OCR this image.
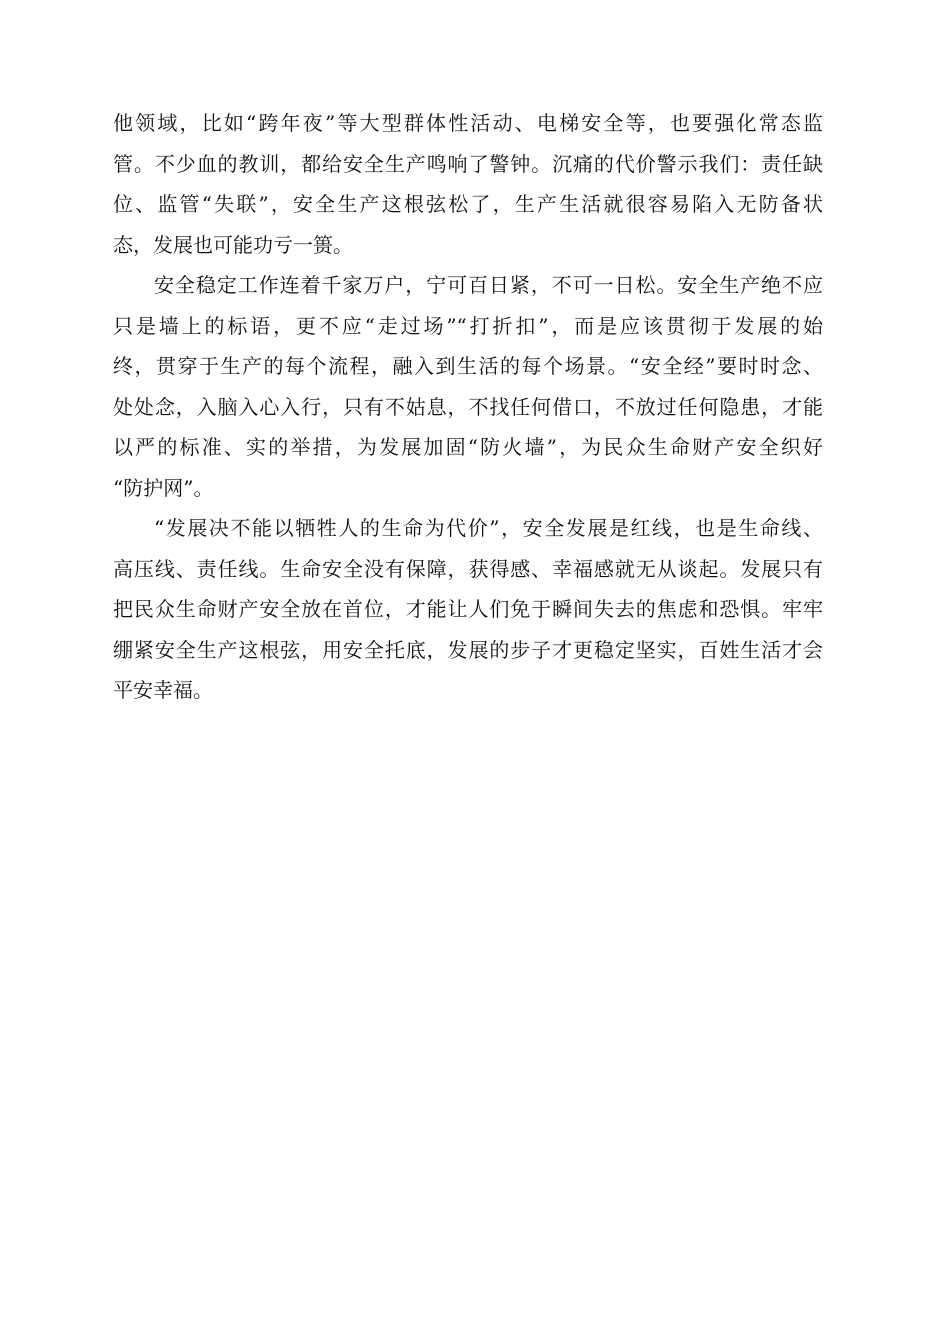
他领域，比如“跨年夜”等大型群体性活动、电梯安全等，也要强化常态监
管。不少血的教训，都给安全生产鸣响了警钟。沉痛的代价警示我们：责任缺
位、监管“失联”，安全生产这根弦松了，生产生活就很容易陷入无防备状
态，发展也可能功亏一篑。
安全稳定工作连着千家万户，宁可百日紧，不可一日松。安全生产绝不应
只是墙上的标语，更不应“走过场”“打折扣”，而是应该贯彻于发展的始
终，贯穿于生产的每个流程，融入到生活的每个场景。“安全经”要时时念、
处处念，入脑入心入行，只有不姑息，不找任何借口，不放过任何隐患，才能
以严的标准、实的举措，为发展加固“防火墙”，为民众生命财产安全织好
“防护网”。
“发展决不能以牺牲人的生命为代价”，安全发展是红线，也是生命线、
高压线、责任线。生命安全没有保障，获得感、幸福感就无从谈起。发展只有
把民众生命财产安全放在首位，才能让人们免于瞬间失去的焦虑和恐惧。牢牢
绷紧安全生产这根弦，用安全托底，发展的步子才更稳定坚实，百姓生活才会
平安幸福。
